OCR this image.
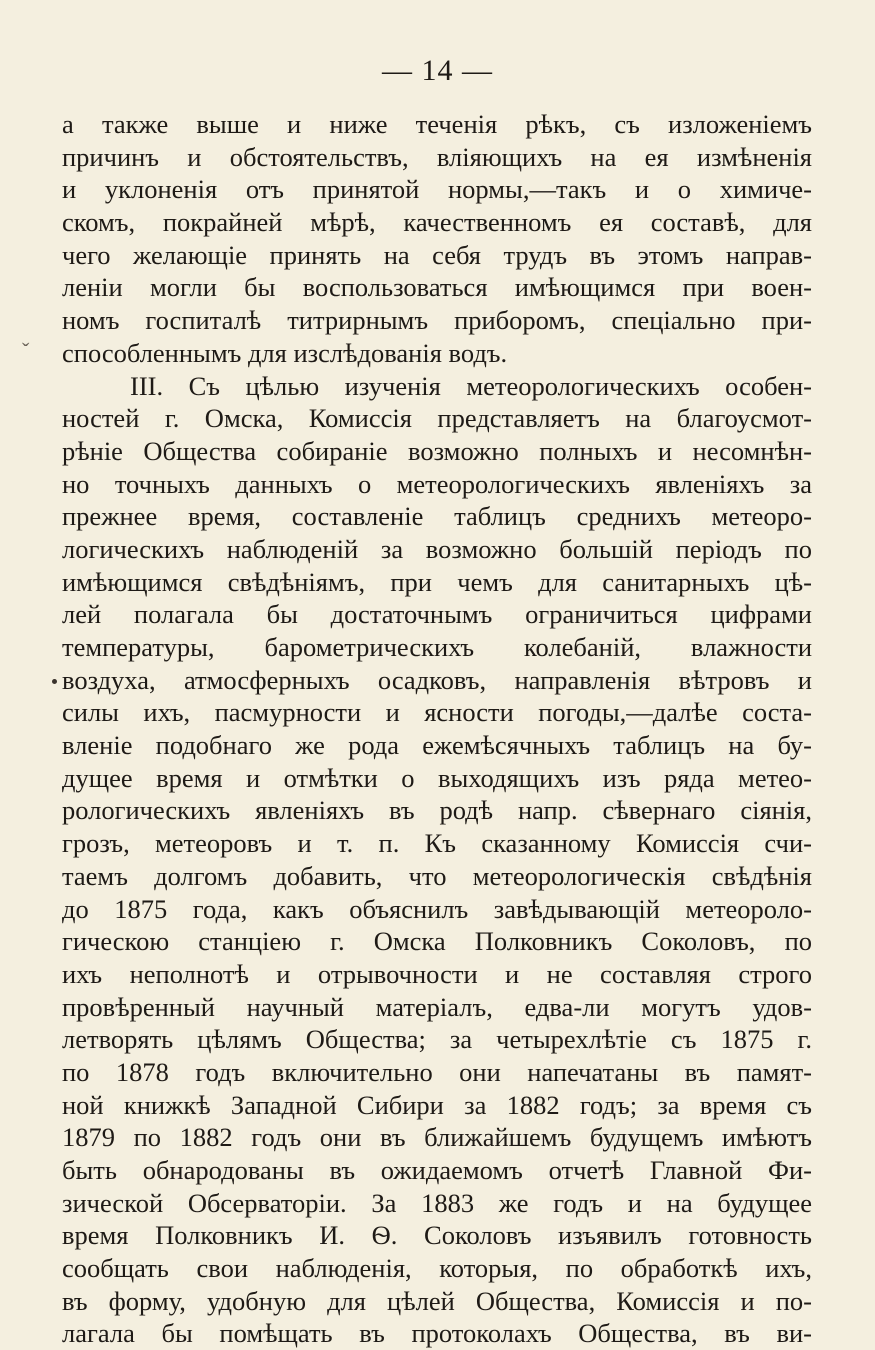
— 14 —
ˇ
а также выше и ниже теченія рѣкъ, съ изложеніемъ
причинъ и обстоятельствъ, вліяющихъ на ея измѣненія
и уклоненія отъ принятой нормы,—такъ и о химиче-
скомъ, покрайней мѣрѣ, качественномъ ея составѣ, для
чего желающіе принять на себя трудъ въ этомъ направ-
леніи могли бы воспользоваться имѣющимся при воен-
номъ госпиталѣ титрирнымъ приборомъ, спеціально при-
способленнымъ для изслѣдованія водъ.
III. Съ цѣлью изученія метеорологическихъ особен-
ностей г. Омска, Комиссія представляетъ на благоусмот-
рѣніе Общества собираніе возможно полныхъ и несомнѣн-
но точныхъ данныхъ о метеорологическихъ явленіяхъ за
прежнее время, составленіе таблицъ среднихъ метеоро-
логическихъ наблюденій за возможно большій періодъ по
имѣющимся свѣдѣніямъ, при чемъ для санитарныхъ цѣ-
лей полагала бы достаточнымъ ограничиться цифрами
температуры, барометрическихъ колебаній, влажности
воздуха, атмосферныхъ осадковъ, направленія вѣтровъ и
силы ихъ, пасмурности и ясности погоды,—далѣе соста-
вленіе подобнаго же рода ежемѣсячныхъ таблицъ на бу-
дущее время и отмѣтки о выходящихъ изъ ряда метео-
рологическихъ явленіяхъ въ родѣ напр. сѣвернаго сіянія,
грозъ, метеоровъ и т. п. Къ сказанному Комиссія счи-
таемъ долгомъ добавить, что метеорологическія свѣдѣнія
до 1875 года, какъ объяснилъ завѣдывающій метеороло-
гическою станціею г. Омска Полковникъ Соколовъ, по
ихъ неполнотѣ и отрывочности и не составляя строго
провѣренный научный матеріалъ, едва-ли могутъ удов-
летворять цѣлямъ Общества; за четырехлѣтіе съ 1875 г.
по 1878 годъ включительно они напечатаны въ памят-
ной книжкѣ Западной Сибири за 1882 годъ; за время съ
1879 по 1882 годъ они въ ближайшемъ будущемъ имѣютъ
быть обнародованы въ ожидаемомъ отчетѣ Главной Фи-
зической Обсерваторіи. За 1883 же годъ и на будущее
время Полковникъ И. Ѳ. Соколовъ изъявилъ готовность
сообщать свои наблюденія, которыя, по обработкѣ ихъ,
въ форму, удобную для цѣлей Общества, Комиссія и по-
лагала бы помѣщать въ протоколахъ Общества, въ ви-
